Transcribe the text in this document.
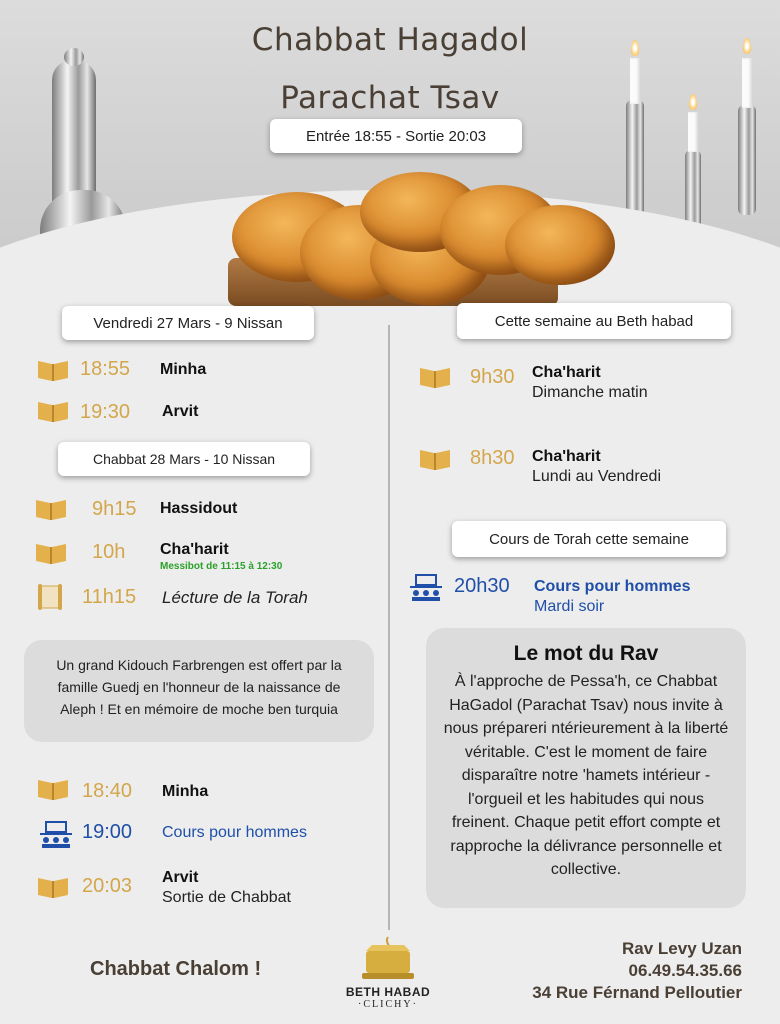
Chabbat Hagadol
Parachat Tsav
Entrée 18:55 - Sortie 20:03
Vendredi 27 Mars - 9 Nissan
18:55 Minha
19:30 Arvit
Chabbat 28 Mars - 10 Nissan
9h15 Hassidout
10h Cha'harit
Messibot de 11:15 à 12:30
11h15 Lécture de la Torah
Un grand Kidouch Farbrengen est offert par la famille Guedj en l'honneur de la naissance de Aleph ! Et en mémoire de moche ben turquia
18:40 Minha
19:00 Cours pour hommes
20:03 Arvit
Sortie de Chabbat
Cette semaine au Beth habad
9h30 Cha'harit
Dimanche matin
8h30 Cha'harit
Lundi au Vendredi
Cours de Torah cette semaine
20h30 Cours pour hommes
Mardi soir
Le mot du Rav
À l'approche de Pessa'h, ce Chabbat HaGadol (Parachat Tsav) nous invite à nous prépareri ntérieurement à la liberté véritable. C'est le moment de faire disparaître notre 'hamets intérieur - l'orgueil et les habitudes qui nous freinent. Chaque petit effort compte et rapproche la délivrance personnelle et collective.
Chabbat Chalom !
BETH HABAD
·CLICHY·
Rav Levy Uzan
06.49.54.35.66
34 Rue Férnand Pelloutier
